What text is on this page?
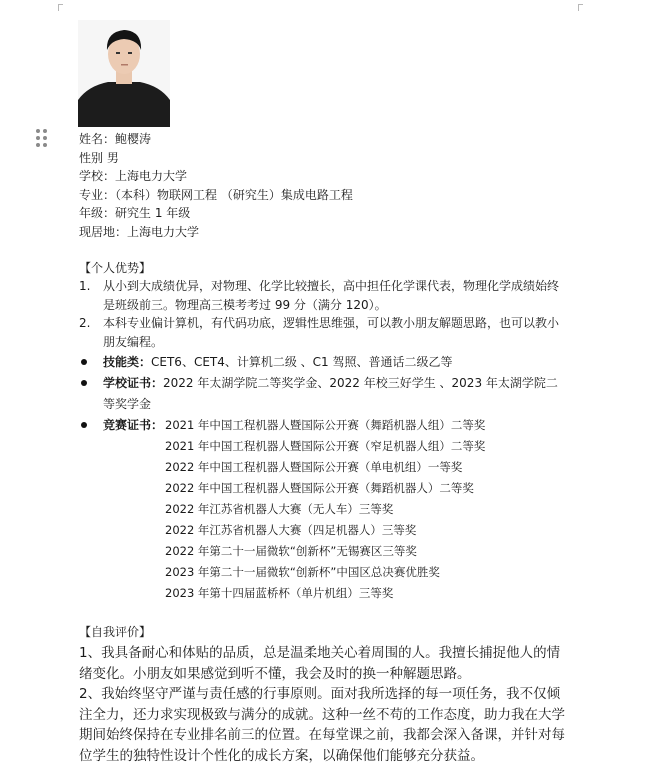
姓名：鲍樱涛
性别 男
学校：上海电力大学
专业：（本科）物联网工程 （研究生）集成电路工程
年级：研究生 1 年级
现居地：上海电力大学
【个人优势】
1. 从小到大成绩优异，对物理、化学比较擅长，高中担任化学课代表，物理化学成绩始终是班级前三。物理高三模考考过 99 分（满分 120）。
2. 本科专业偏计算机，有代码功底，逻辑性思维强，可以教小朋友解题思路，也可以教小朋友编程。
技能类：CET6、CET4、计算机二级 、C1 驾照、普通话二级乙等
学校证书：2022 年太湖学院二等奖学金、2022 年校三好学生 、2023 年太湖学院二等奖学金
竞赛证书： 2021 年中国工程机器人暨国际公开赛（舞蹈机器人组）二等奖
2021 年中国工程机器人暨国际公开赛（窄足机器人组）二等奖
2022 年中国工程机器人暨国际公开赛（单电机组）一等奖
2022 年中国工程机器人暨国际公开赛（舞蹈机器人）二等奖
2022 年江苏省机器人大赛（无人车）三等奖
2022 年江苏省机器人大赛（四足机器人）三等奖
2022 年第二十一届微软“创新杯”无锡赛区三等奖
2023 年第二十一届微软“创新杯”中国区总决赛优胜奖
2023 年第十四届蓝桥杯（单片机组）三等奖
【自我评价】
1、我具备耐心和体贴的品质，总是温柔地关心着周围的人。我擅长捕捉他人的情绪变化。小朋友如果感觉到听不懂，我会及时的换一种解题思路。
2、我始终坚守严谨与责任感的行事原则。面对我所选择的每一项任务，我不仅倾注全力，还力求实现极致与满分的成就。这种一丝不苟的工作态度，助力我在大学期间始终保持在专业排名前三的位置。在每堂课之前，我都会深入备课，并针对每位学生的独特性设计个性化的成长方案，以确保他们能够充分获益。
